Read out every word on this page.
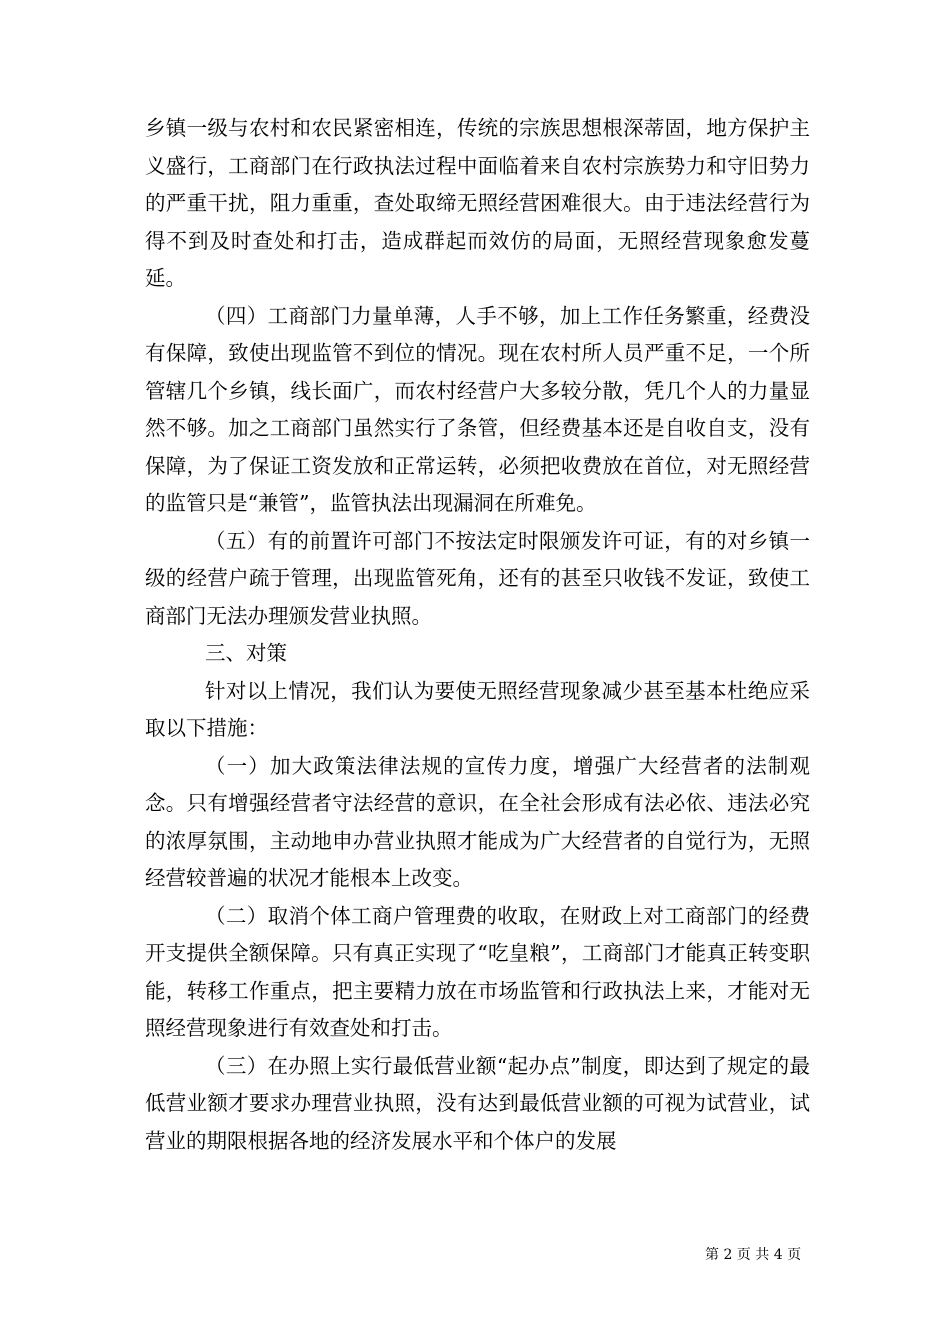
乡镇一级与农村和农民紧密相连，传统的宗族思想根深蒂固，地方保护主义盛行，工商部门在行政执法过程中面临着来自农村宗族势力和守旧势力的严重干扰，阻力重重，查处取缔无照经营困难很大。由于违法经营行为得不到及时查处和打击，造成群起而效仿的局面，无照经营现象愈发蔓延。

（四）工商部门力量单薄，人手不够，加上工作任务繁重，经费没有保障，致使出现监管不到位的情况。现在农村所人员严重不足，一个所管辖几个乡镇，线长面广，而农村经营户大多较分散，凭几个人的力量显然不够。加之工商部门虽然实行了条管，但经费基本还是自收自支，没有保障，为了保证工资发放和正常运转，必须把收费放在首位，对无照经营的监管只是“兼管”，监管执法出现漏洞在所难免。

（五）有的前置许可部门不按法定时限颁发许可证，有的对乡镇一级的经营户疏于管理，出现监管死角，还有的甚至只收钱不发证，致使工商部门无法办理颁发营业执照。

三、对策

针对以上情况，我们认为要使无照经营现象减少甚至基本杜绝应采取以下措施：

（一）加大政策法律法规的宣传力度，增强广大经营者的法制观念。只有增强经营者守法经营的意识，在全社会形成有法必依、违法必究的浓厚氛围，主动地申办营业执照才能成为广大经营者的自觉行为，无照经营较普遍的状况才能根本上改变。

（二）取消个体工商户管理费的收取，在财政上对工商部门的经费开支提供全额保障。只有真正实现了“吃皇粮”，工商部门才能真正转变职能，转移工作重点，把主要精力放在市场监管和行政执法上来，才能对无照经营现象进行有效查处和打击。

（三）在办照上实行最低营业额“起办点”制度，即达到了规定的最低营业额才要求办理营业执照，没有达到最低营业额的可视为试营业，试营业的期限根据各地的经济发展水平和个体户的发展

第 2 页 共 4 页
